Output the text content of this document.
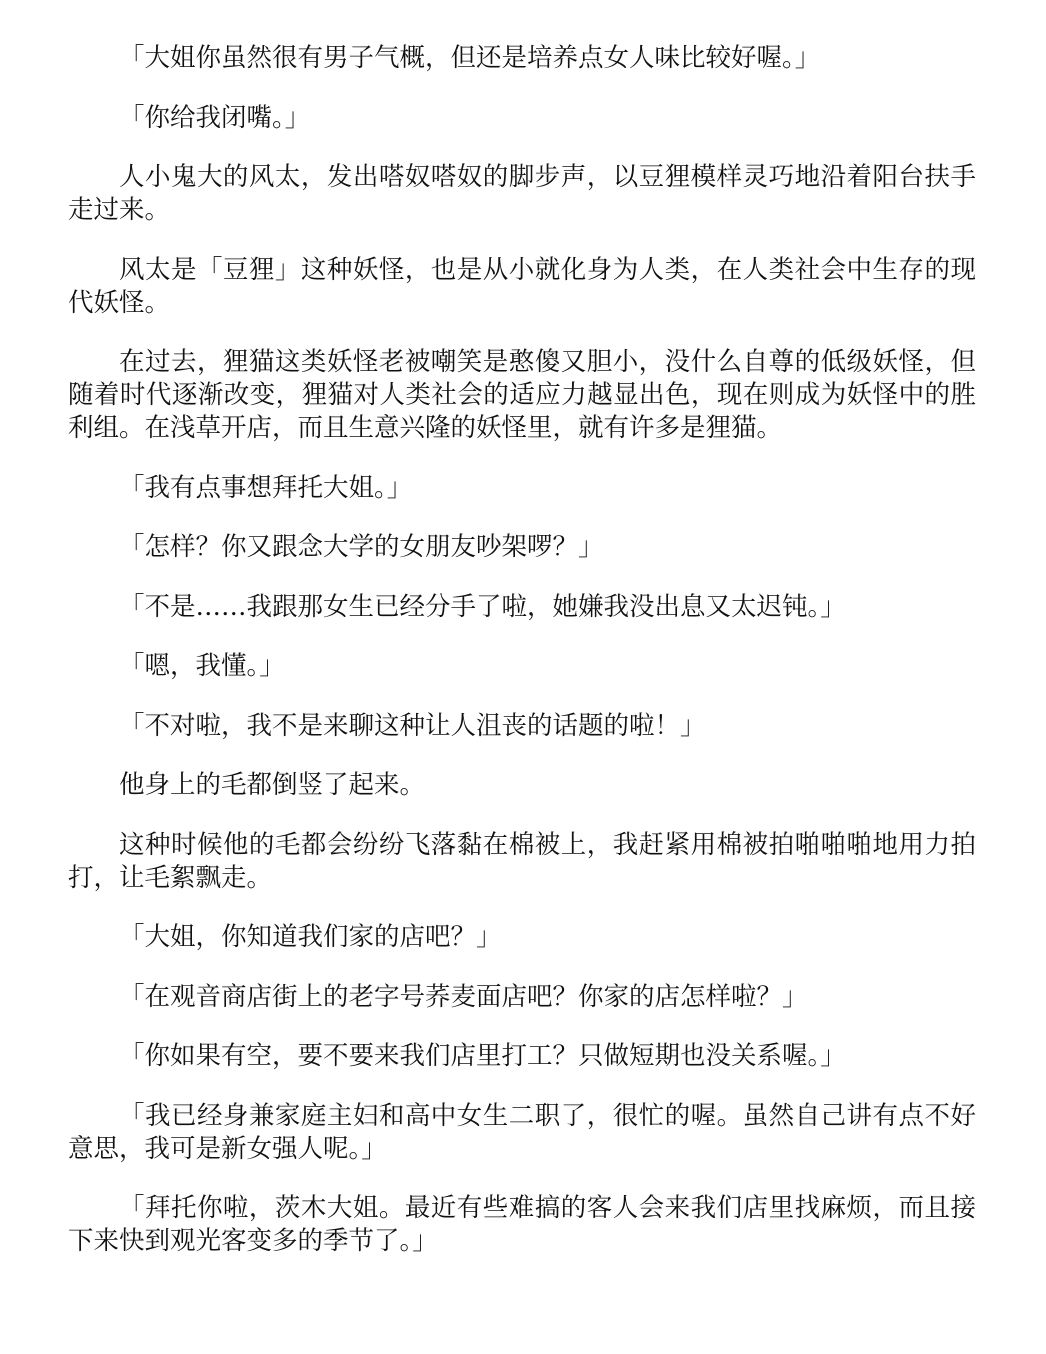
「大姐你虽然很有男子气概，但还是培养点女人味比较好喔。」

「你给我闭嘴。」

人小鬼大的风太，发出嗒奴嗒奴的脚步声，以豆狸模样灵巧地沿着阳台扶手走过来。

风太是「豆狸」这种妖怪，也是从小就化身为人类，在人类社会中生存的现代妖怪。

在过去，狸猫这类妖怪老被嘲笑是憨傻又胆小，没什么自尊的低级妖怪，但随着时代逐渐改变，狸猫对人类社会的适应力越显出色，现在则成为妖怪中的胜利组。在浅草开店，而且生意兴隆的妖怪里，就有许多是狸猫。

「我有点事想拜托大姐。」

「怎样？你又跟念大学的女朋友吵架啰？」

「不是……我跟那女生已经分手了啦，她嫌我没出息又太迟钝。」

「嗯，我懂。」

「不对啦，我不是来聊这种让人沮丧的话题的啦！」

他身上的毛都倒竖了起来。

这种时候他的毛都会纷纷飞落黏在棉被上，我赶紧用棉被拍啪啪啪地用力拍打，让毛絮飘走。

「大姐，你知道我们家的店吧？」

「在观音商店街上的老字号荞麦面店吧？你家的店怎样啦？」

「你如果有空，要不要来我们店里打工？只做短期也没关系喔。」

「我已经身兼家庭主妇和高中女生二职了，很忙的喔。虽然自己讲有点不好意思，我可是新女强人呢。」

「拜托你啦，茨木大姐。最近有些难搞的客人会来我们店里找麻烦，而且接下来快到观光客变多的季节了。」
